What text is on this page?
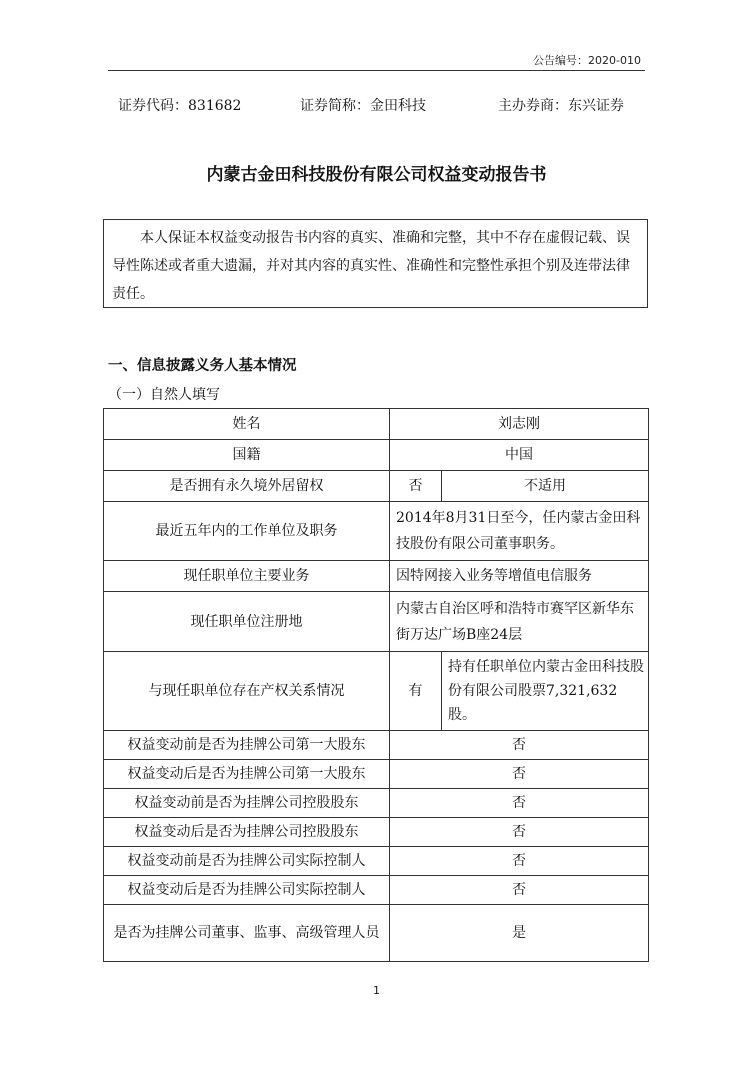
公告编号：2020-010
证券代码：831682	证券简称：金田科技	主办券商：东兴证券
内蒙古金田科技股份有限公司权益变动报告书
本人保证本权益变动报告书内容的真实、准确和完整，其中不存在虚假记载、误导性陈述或者重大遗漏，并对其内容的真实性、准确性和完整性承担个别及连带法律责任。
一、信息披露义务人基本情况
（一）自然人填写
姓名	刘志刚	
国籍	中国	
是否拥有永久境外居留权	否	不适用
最近五年内的工作单位及职务	2014年8月31日至今，任内蒙古金田科技股份有限公司董事职务。	
现任职单位主要业务	因特网接入业务等增值电信服务	
现任职单位注册地	内蒙古自治区呼和浩特市赛罕区新华东街万达广场B座24层	
与现任职单位存在产权关系情况	有	持有任职单位内蒙古金田科技股份有限公司股票7,321,632股。
权益变动前是否为挂牌公司第一大股东	否	
权益变动后是否为挂牌公司第一大股东	否	
权益变动前是否为挂牌公司控股股东	否	
权益变动后是否为挂牌公司控股股东	否	
权益变动前是否为挂牌公司实际控制人	否	
权益变动后是否为挂牌公司实际控制人	否	
是否为挂牌公司董事、监事、高级管理人员	是	
1
